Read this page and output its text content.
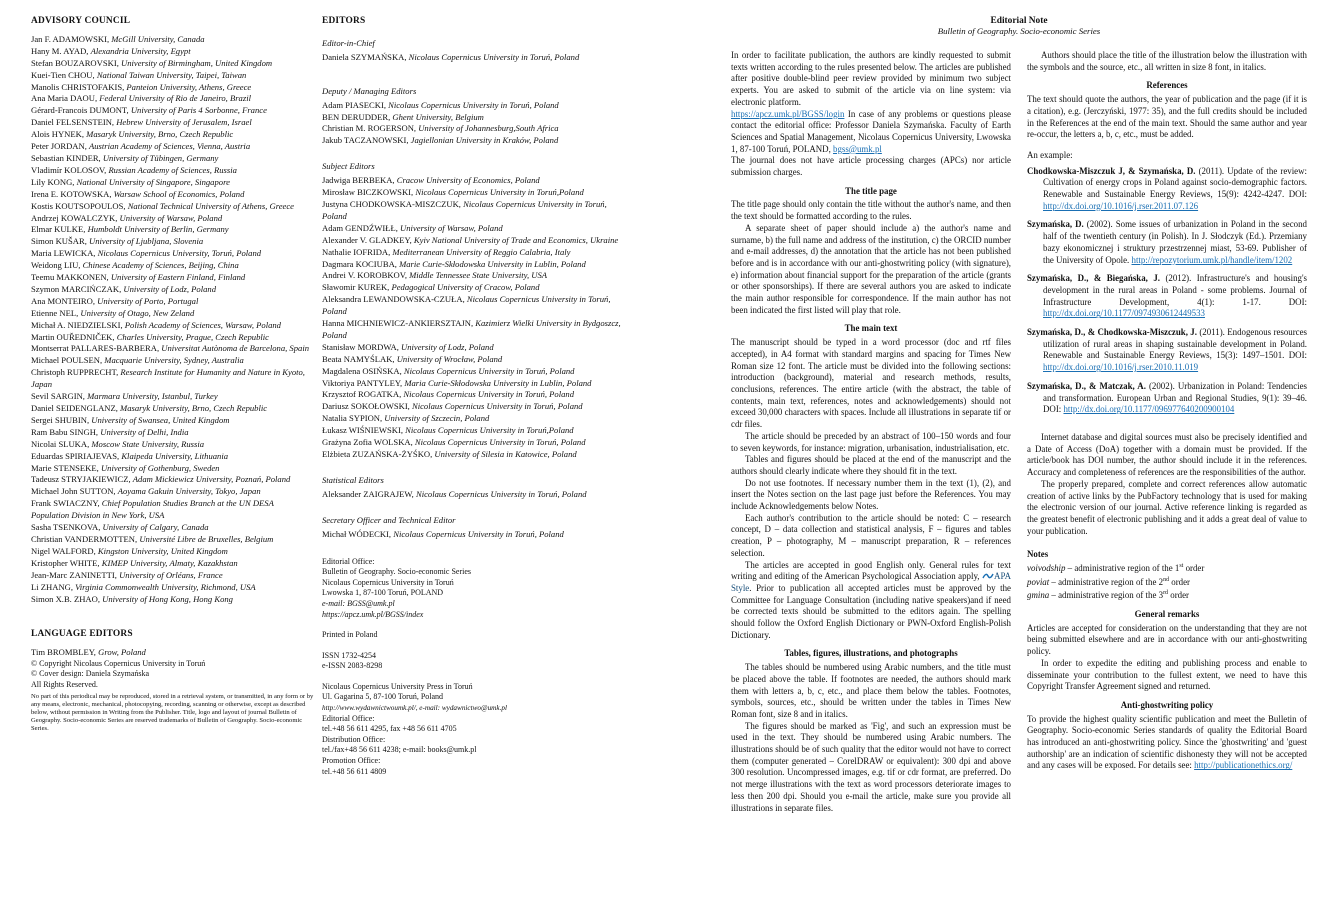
ADVISORY COUNCIL
Jan F. ADAMOWSKI, McGill University, Canada
Hany M. AYAD, Alexandria University, Egypt
Stefan BOUZAROVSKI, University of Birmingham, United Kingdom
Kuei-Tien CHOU, National Taiwan University, Taipei, Taiwan
Manolis CHRISTOFAKIS, Panteion University, Athens, Greece
Ana Maria DAOU, Federal University of Rio de Janeiro, Brazil
Gérard-Francois DUMONT, University of Paris 4 Sorbonne, France
Daniel FELSENSTEIN, Hebrew University of Jerusalem, Israel
Alois HYNEK, Masaryk University, Brno, Czech Republic
Peter JORDAN, Austrian Academy of Sciences, Vienna, Austria
Sebastian KINDER, University of Tübingen, Germany
Vladimír KOLOSOV, Russian Academy of Sciences, Russia
Lily KONG, National University of Singapore, Singapore
Irena E. KOTOWSKA, Warsaw School of Economics, Poland
Kostis KOUTSOPOULOS, National Technical University of Athens, Greece
Andrzej KOWALCZYK, University of Warsaw, Poland
Elmar KULKE, Humboldt University of Berlin, Germany
Simon KUŠAR, University of Ljubljana, Slovenia
Maria LEWICKA, Nicolaus Copernicus University, Toruń, Poland
Weidong LIU, Chinese Academy of Sciences, Beijing, China
Teemu MAKKONEN, University of Eastern Finland, Finland
Szymon MARCIŃCZAK, University of Lodz, Poland
Ana MONTEIRO, University of Porto, Portugal
Etienne NEL, University of Otago, New Zeland
Michał A. NIEDZIELSKI, Polish Academy of Sciences, Warsaw, Poland
Martin OUŘEDNIČEK, Charles University, Prague, Czech Republic
Montserrat PALLARES-BARBERA, Universitat Autònoma de Barcelona, Spain
Michael POULSEN, Macquarie University, Sydney, Australia
Christoph RUPPRECHT, Research Institute for Humanity and Nature in Kyoto, Japan
Sevil SARGIN, Marmara University, Istanbul, Turkey
Daniel SEIDENGLANZ, Masaryk University, Brno, Czech Republic
Sergei SHUBIN, University of Swansea, United Kingdom
Ram Babu SINGH, University of Delhi, India
Nicolai SLUKA, Moscow State University, Russia
Eduardas SPIRIAJEVAS, Klaipeda University, Lithuania
Marie STENSEKE, University of Gothenburg, Sweden
Tadeusz STRYJAKIEWICZ, Adam Mickiewicz University, Poznań, Poland
Michael John SUTTON, Aoyama Gakuin University, Tokyo, Japan
Frank SWIACZNY, Chief Population Studies Branch at the UN DESA Population Division in New York, USA
Sasha TSENKOVA, University of Calgary, Canada
Christian VANDERMOTTEN, Université Libre de Bruxelles, Belgium
Nigel WALFORD, Kingston University, United Kingdom
Kristopher WHITE, KIMEP University, Almaty, Kazakhstan
Jean-Marc ZANINETTI, University of Orléans, France
Li ZHANG, Virginia Commonwealth University, Richmond, USA
Simon X.B. ZHAO, University of Hong Kong, Hong Kong
LANGUAGE EDITORS
Tim BROMBLEY, Grow, Poland
© Copyright Nicolaus Copernicus University in Toruń
© Cover design: Daniela Szymańska
All Rights Reserved.
No part of this periodical may be reproduced, stored in a retrieval system, or transmitted, in any form or by any means, electronic, mechanical, photocopying, recording, scanning or otherwise, except as described below, without permission in Writing from the Publisher. Title, logo and layout of journal Bulletin of Geography. Socio-economic Series are reserved trademarks of Bulletin of Geography. Socio-economic Series.
EDITORS
Editor-in-Chief
Daniela SZYMAŃSKA, Nicolaus Copernicus University in Toruń, Poland
Deputy / Managing Editors
Adam PIASECKI, Nicolaus Copernicus University in Toruń, Poland
BEN DERUDDER, Ghent University, Belgium
Christian M. ROGERSON, University of Johannesburg,South Africa
Jakub TACZANOWSKI, Jagiellonian University in Kraków, Poland
Subject Editors
Jadwiga BERBEKA, Cracow University of Economics, Poland
Mirosław BICZKOWSKI, Nicolaus Copernicus University in Toruń,Poland
Justyna CHODKOWSKA-MISZCZUK, Nicolaus Copernicus University in Toruń, Poland
Adam GENDŹWIŁŁ, University of Warsaw, Poland
Alexander V. GLADKEY, Kyiv National University of Trade and Economics, Ukraine
Nathalie IOFRIDA, Mediterranean University of Reggio Calabria, Italy
Dagmara KOCIUBA, Marie Curie-Skłodowska University in Lublin, Poland
Andrei V. KOROBKOV, Middle Tennessee State University, USA
Sławomir KUREK, Pedagogical University of Cracow, Poland
Aleksandra LEWANDOWSKA-CZUŁA, Nicolaus Copernicus University in Toruń, Poland
Hanna MICHNIEWICZ-ANKIERSZTAJN, Kazimierz Wielki University in Bydgoszcz, Poland
Stanisław MORDWA, University of Lodz, Poland
Beata NAMYŚLAK, University of Wrocław, Poland
Magdalena OSIŃSKA, Nicolaus Copernicus University in Toruń, Poland
Viktoriya PANTYLEY, Maria Curie-Skłodowska University in Lublin, Poland
Krzysztof ROGATKA, Nicolaus Copernicus University in Toruń, Poland
Dariusz SOKOŁOWSKI, Nicolaus Copernicus University in Toruń, Poland
Natalia SYPION, University of Szczecin, Poland
Łukasz WIŚNIEWSKI, Nicolaus Copernicus University in Toruń,Poland
Grażyna Zofia WOLSKA, Nicolaus Copernicus University in Toruń, Poland
Elżbieta ZUZAŃSKA-ŻYŚKO, University of Silesia in Katowice, Poland
Statistical Editors
Aleksander ZAIGRAJEW, Nicolaus Copernicus University in Toruń, Poland
Secretary Officer and Technical Editor
Michał WÓDECKI, Nicolaus Copernicus University in Toruń, Poland
Editorial Office:
Bulletin of Geography. Socio-economic Series
Nicolaus Copernicus University in Toruń
Lwowska 1, 87-100 Toruń, POLAND
e-mail: BGSS@umk.pl
https://apcz.umk.pl/BGSS/index
Printed in Poland
ISSN 1732-4254
e-ISSN 2083-8298
Nicolaus Copernicus University Press in Toruń
Ul. Gagarina 5, 87-100 Toruń, Poland
http://www.wydawnictwoumk.pl/, e-mail: wydawnictwo@umk.pl
Editorial Office:
tel.+48 56 611 4295, fax +48 56 611 4705
Distribution Office:
tel./fax+48 56 611 4238; e-mail: books@umk.pl
Promotion Office:
tel.+48 56 611 4809
Editorial Note
Bulletin of Geography. Socio-economic Series

In order to facilitate publication, the authors are kindly requested to submit texts written according to the rules presented below. The articles are published after positive double-blind peer review provided by minimum two subject experts. You are asked to submit of the article via on line system: via electronic platform.

https://apcz.umk.pl/BGSS/login In case of any problems or questions please contact the editorial office: Professor Daniela Szymańska. Faculty of Earth Sciences and Spatial Management, Nicolaus Copernicus University, Lwowska 1, 87-100 Toruń, POLAND, bgss@umk.pl

The journal does not have article processing charges (APCs) nor article submission charges.

The title page

The title page should only contain the title without the author's name, and then the text should be formatted according to the rules.

A separate sheet of paper should include a) the author's name and surname, b) the full name and address of the institution, c) the ORCID number and e-mail addresses, d) the annotation that the article has not been published before and is in accordance with our anti-ghostwriting policy (with signature), e) information about financial support for the preparation of the article (grants or other sponsorships). If there are several authors you are asked to indicate the main author responsible for correspondence. If the main author has not been indicated the first listed will play that role.

The main text

The manuscript should be typed in a word processor (doc and rtf files accepted), in A4 format with standard margins and spacing for Times New Roman size 12 font. The article must be divided into the following sections: introduction (background), material and research methods, results, conclusions, references. The entire article (with the abstract, the table of contents, main text, references, notes and acknowledgements) should not exceed 30,000 characters with spaces. Include all illustrations in separate tif or cdr files.

The article should be preceded by an abstract of 100–150 words and four to seven keywords, for instance: migration, urbanisation, industrialisation, etc.

Tables and figures should be placed at the end of the manuscript and the authors should clearly indicate where they should fit in the text.

Do not use footnotes. If necessary number them in the text (1), (2), and insert the Notes section on the last page just before the References. You may include Acknowledgements below Notes.

Each author's contribution to the article should be noted: C – research concept, D – data collection and statistical analysis, F – figures and tables creation, P – photography, M – manuscript preparation, R – references selection.

The articles are accepted in good English only. General rules for text writing and editing of the American Psychological Association apply, APA Style. Prior to publication all accepted articles must be approved by the Committee for Language Consultation (including native speakers)and if need be corrected texts should be submitted to the editors again. The spelling should follow the Oxford English Dictionary or PWN-Oxford English-Polish Dictionary.

Tables, figures, illustrations, and photographs

The tables should be numbered using Arabic numbers, and the title must be placed above the table. If footnotes are needed, the authors should mark them with letters a, b, c, etc., and place them below the tables. Footnotes, symbols, sources, etc., should be written under the tables in Times New Roman font, size 8 and in italics.

The figures should be marked as 'Fig', and such an expression must be used in the text. They should be numbered using Arabic numbers. The illustrations should be of such quality that the editor would not have to correct them (computer generated – CorelDRAW or equivalent): 300 dpi and above 300 resolution. Uncompressed images, e.g. tif or cdr format, are preferred. Do not merge illustrations with the text as word processors deteriorate images to less then 200 dpi. Should you e-mail the article, make sure you provide all illustrations in separate files.

Authors should place the title of the illustration below the illustration with the symbols and the source, etc., all written in size 8 font, in italics.

References

The text should quote the authors, the year of publication and the page (if it is a citation), e.g. (Jerczyński, 1977: 35), and the full credits should be included in the References at the end of the main text. Should the same author and year re-occur, the letters a, b, c, etc., must be added.

An example:

Chodkowska-Miszczuk J, & Szymańska, D. (2011). Update of the review: Cultivation of energy crops in Poland against socio-demographic factors. Renewable and Sustainable Energy Reviews, 15(9): 4242-4247. DOI: http://dx.doi.org/10.1016/j.rser.2011.07.126

Szymańska, D. (2002). Some issues of urbanization in Poland in the second half of the twentieth century (in Polish). In J. Słodczyk (Ed.). Przemiany bazy ekonomicznej i struktury przestrzennej miast, 53-69. Publisher of the University of Opole. http://repozytorium.umk.pl/handle/item/1202

Szymańska, D., & Biegańska, J. (2012). Infrastructure's and housing's development in the rural areas in Poland - some problems. Journal of Infrastructure Development, 4(1): 1-17. DOI: http://dx.doi.org/10.1177/0974930612449533

Szymańska, D., & Chodkowska-Miszczuk, J. (2011). Endogenous resources utilization of rural areas in shaping sustainable development in Poland. Renewable and Sustainable Energy Reviews, 15(3): 1497–1501. DOI: http://dx.doi.org/10.1016/j.rser.2010.11.019

Szymańska, D., & Matczak, A. (2002). Urbanization in Poland: Tendencies and transformation. European Urban and Regional Studies, 9(1): 39–46. DOI: http://dx.doi.org/10.1177/096977640200900104

Internet database and digital sources must also be precisely identified and a Date of Access (DoA) together with a domain must be provided. If the article/book has DOI number, the author should include it in the references. Accuracy and completeness of references are the responsibilities of the author.

The properly prepared, complete and correct references allow automatic creation of active links by the PubFactory technology that is used for making the electronic version of our journal. Active reference linking is regarded as the greatest benefit of electronic publishing and it adds a great deal of value to your publication.

Notes
voivodship – administrative region of the 1st order
poviat – administrative region of the 2nd order
gmina – administrative region of the 3rd order
General remarks

Articles are accepted for consideration on the understanding that they are not being submitted elsewhere and are in accordance with our anti-ghostwriting policy.

In order to expedite the editing and publishing process and enable to disseminate your contribution to the fullest extent, we need to have this Copyright Transfer Agreement signed and returned.

Anti-ghostwriting policy

To provide the highest quality scientific publication and meet the Bulletin of Geography. Socio-economic Series standards of quality the Editorial Board has introduced an anti-ghostwriting policy. Since the 'ghostwriting' and 'guest authorship' are an indication of scientific dishonesty they will not be accepted and any cases will be exposed. For details see: http://publicationethics.org/
